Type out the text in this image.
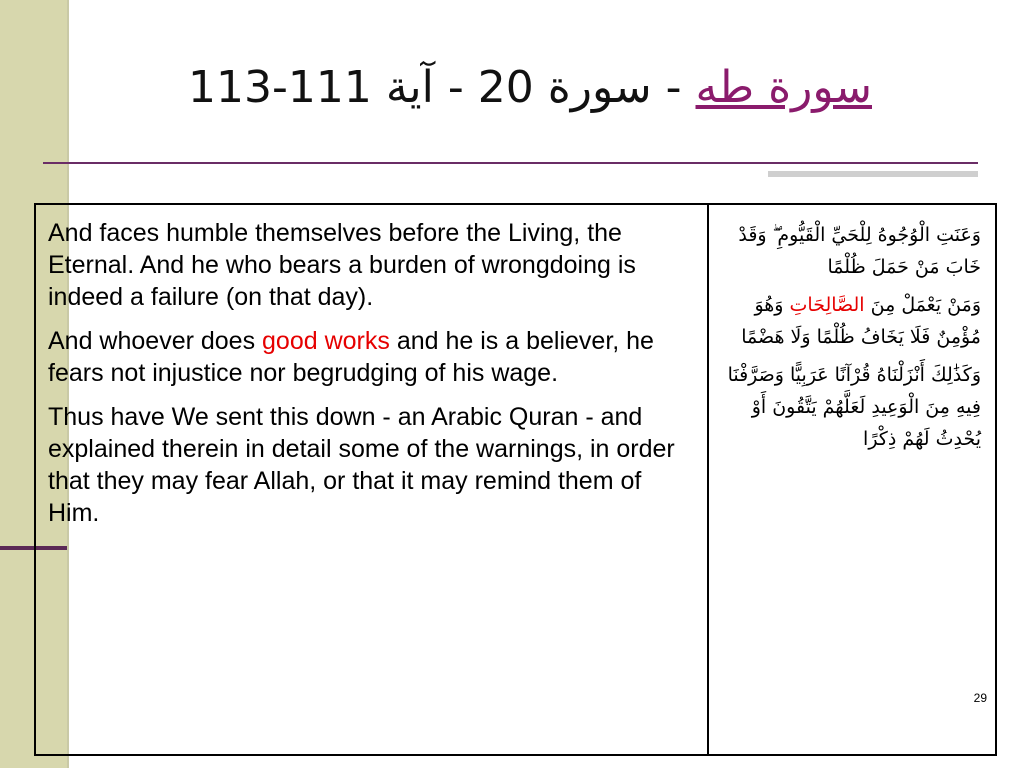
سورة طه - سورة 20 - آية 111-113

And faces humble themselves before the Living, the Eternal. And he who bears a burden of wrongdoing is indeed a failure (on that day).

And whoever does good works and he is a believer, he fears not injustice nor begrudging of his wage.

Thus have We sent this down - an Arabic Quran - and explained therein in detail some of the warnings, in order that they may fear Allah, or that it may remind them of Him.

وَعَنَتِ الْوُجُوهُ لِلْحَيِّ الْقَيُّومِ ۖ وَقَدْ خَابَ مَنْ حَمَلَ ظُلْمًا

وَمَنْ يَعْمَلْ مِنَ الصَّالِحَاتِ وَهُوَ مُؤْمِنٌ فَلَا يَخَافُ ظُلْمًا وَلَا هَضْمًا

وَكَذَٰلِكَ أَنْزَلْنَاهُ قُرْآنًا عَرَبِيًّا وَصَرَّفْنَا فِيهِ مِنَ الْوَعِيدِ لَعَلَّهُمْ يَتَّقُونَ أَوْ يُحْدِثُ لَهُمْ ذِكْرًا

29
